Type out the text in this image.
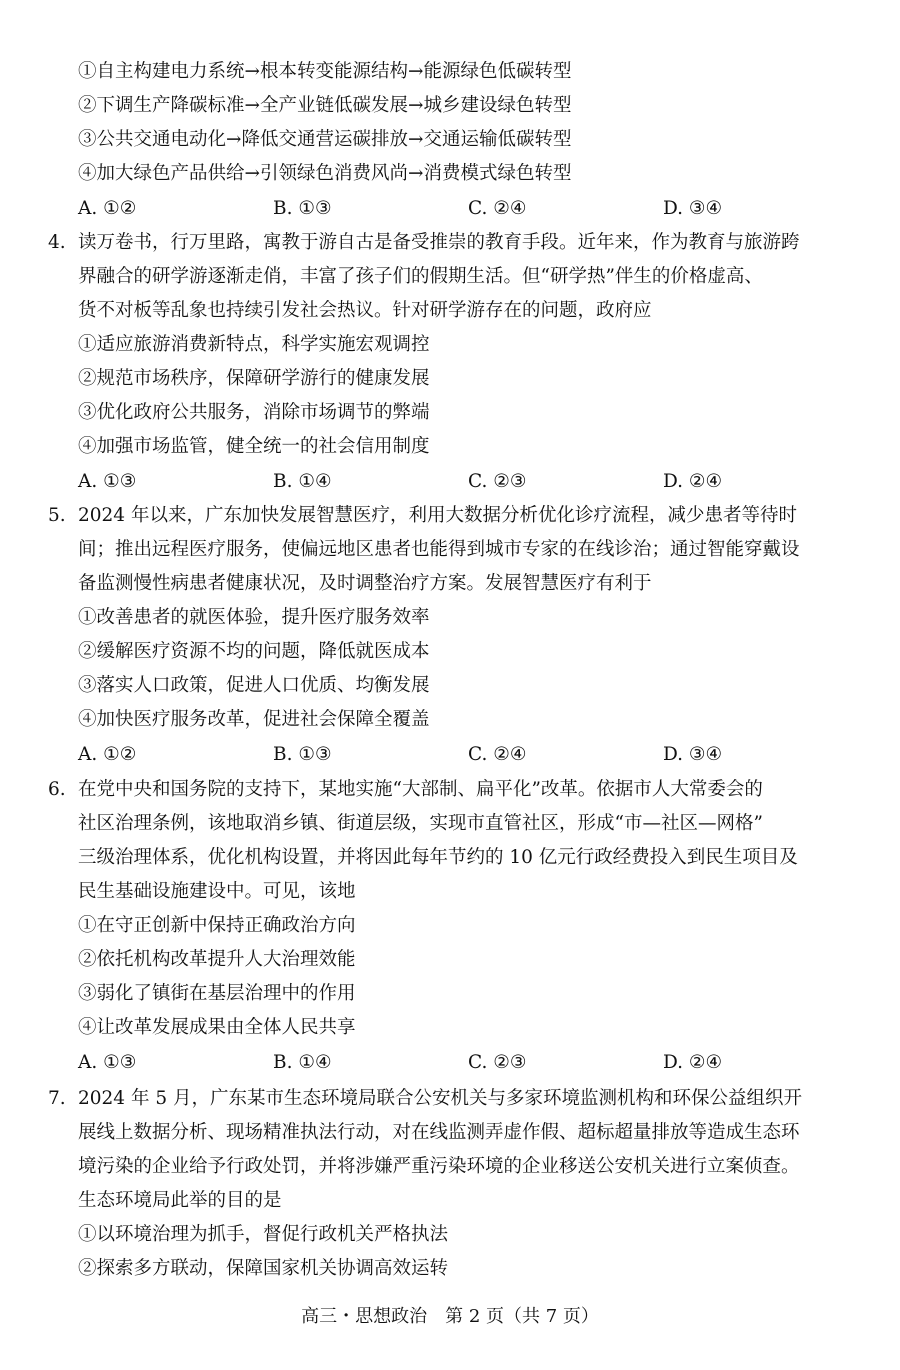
①自主构建电力系统→根本转变能源结构→能源绿色低碳转型
②下调生产降碳标准→全产业链低碳发展→城乡建设绿色转型
③公共交通电动化→降低交通营运碳排放→交通运输低碳转型
④加大绿色产品供给→引领绿色消费风尚→消费模式绿色转型
A. ①②	B. ①③	C. ②④	D. ③④
4. 读万卷书，行万里路，寓教于游自古是备受推崇的教育手段。近年来，作为教育与旅游跨
界融合的研学游逐渐走俏，丰富了孩子们的假期生活。但“研学热”伴生的价格虚高、
货不对板等乱象也持续引发社会热议。针对研学游存在的问题，政府应
①适应旅游消费新特点，科学实施宏观调控
②规范市场秩序，保障研学游行的健康发展
③优化政府公共服务，消除市场调节的弊端
④加强市场监管，健全统一的社会信用制度
A. ①③	B. ①④	C. ②③	D. ②④
5. 2024 年以来，广东加快发展智慧医疗，利用大数据分析优化诊疗流程，减少患者等待时
间；推出远程医疗服务，使偏远地区患者也能得到城市专家的在线诊治；通过智能穿戴设
备监测慢性病患者健康状况，及时调整治疗方案。发展智慧医疗有利于
①改善患者的就医体验，提升医疗服务效率
②缓解医疗资源不均的问题，降低就医成本
③落实人口政策，促进人口优质、均衡发展
④加快医疗服务改革，促进社会保障全覆盖
A. ①②	B. ①③	C. ②④	D. ③④
6. 在党中央和国务院的支持下，某地实施“大部制、扁平化”改革。依据市人大常委会的
社区治理条例，该地取消乡镇、街道层级，实现市直管社区，形成“市—社区—网格”
三级治理体系，优化机构设置，并将因此每年节约的 10 亿元行政经费投入到民生项目及
民生基础设施建设中。可见，该地
①在守正创新中保持正确政治方向
②依托机构改革提升人大治理效能
③弱化了镇街在基层治理中的作用
④让改革发展成果由全体人民共享
A. ①③	B. ①④	C. ②③	D. ②④
7. 2024 年 5 月，广东某市生态环境局联合公安机关与多家环境监测机构和环保公益组织开
展线上数据分析、现场精准执法行动，对在线监测弄虚作假、超标超量排放等造成生态环
境污染的企业给予行政处罚，并将涉嫌严重污染环境的企业移送公安机关进行立案侦查。
生态环境局此举的目的是
①以环境治理为抓手，督促行政机关严格执法
②探索多方联动，保障国家机关协调高效运转
高三・思想政治　第 2 页（共 7 页）
